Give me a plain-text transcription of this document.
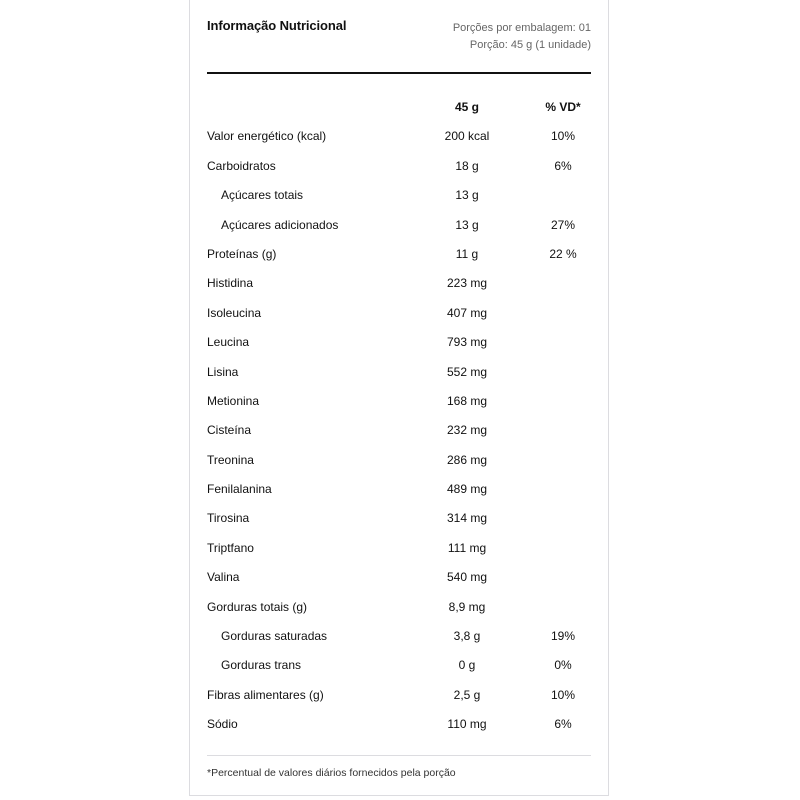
Informação Nutricional	Porções por embalagem: 01
Porção: 45 g (1 unidade)
45 g	% VD*
Valor energético (kcal)	200 kcal	10%
Carboidratos	18 g	6%
Açúcares totais	13 g
Açúcares adicionados	13 g	27%
Proteínas (g)	11 g	22 %
Histidina	223 mg
Isoleucina	407 mg
Leucina	793 mg
Lisina	552 mg
Metionina	168 mg
Cisteína	232 mg
Treonina	286 mg
Fenilalanina	489 mg
Tirosina	314 mg
Triptfano	111 mg
Valina	540 mg
Gorduras totais (g)	8,9 mg
Gorduras saturadas	3,8 g	19%
Gorduras trans	0 g	0%
Fibras alimentares (g)	2,5 g	10%
Sódio	110 mg	6%
*Percentual de valores diários fornecidos pela porção
